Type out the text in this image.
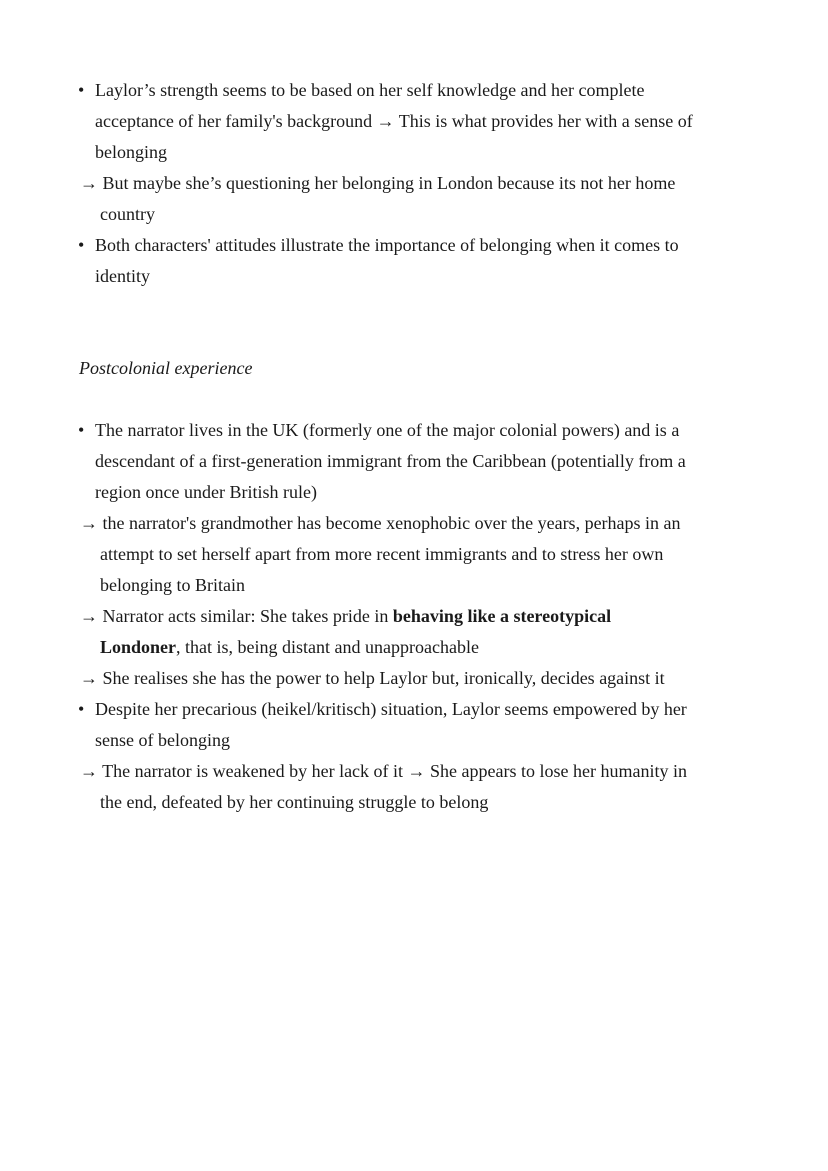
• Laylor’s strength seems to be based on her self knowledge and her complete
acceptance of her family's background → This is what provides her with a sense of
belonging
→ But maybe she’s questioning her belonging in London because its not her home
country
• Both characters' attitudes illustrate the importance of belonging when it comes to
identity
Postcolonial experience
• The narrator lives in the UK (formerly one of the major colonial powers) and is a
descendant of a first-generation immigrant from the Caribbean (potentially from a
region once under British rule)
→ the narrator's grandmother has become xenophobic over the years, perhaps in an
attempt to set herself apart from more recent immigrants and to stress her own
belonging to Britain
→ Narrator acts similar: She takes pride in behaving like a stereotypical
Londoner, that is, being distant and unapproachable
→ She realises she has the power to help Laylor but, ironically, decides against it
• Despite her precarious (heikel/kritisch) situation, Laylor seems empowered by her
sense of belonging
→ The narrator is weakened by her lack of it → She appears to lose her humanity in
the end, defeated by her continuing struggle to belong
